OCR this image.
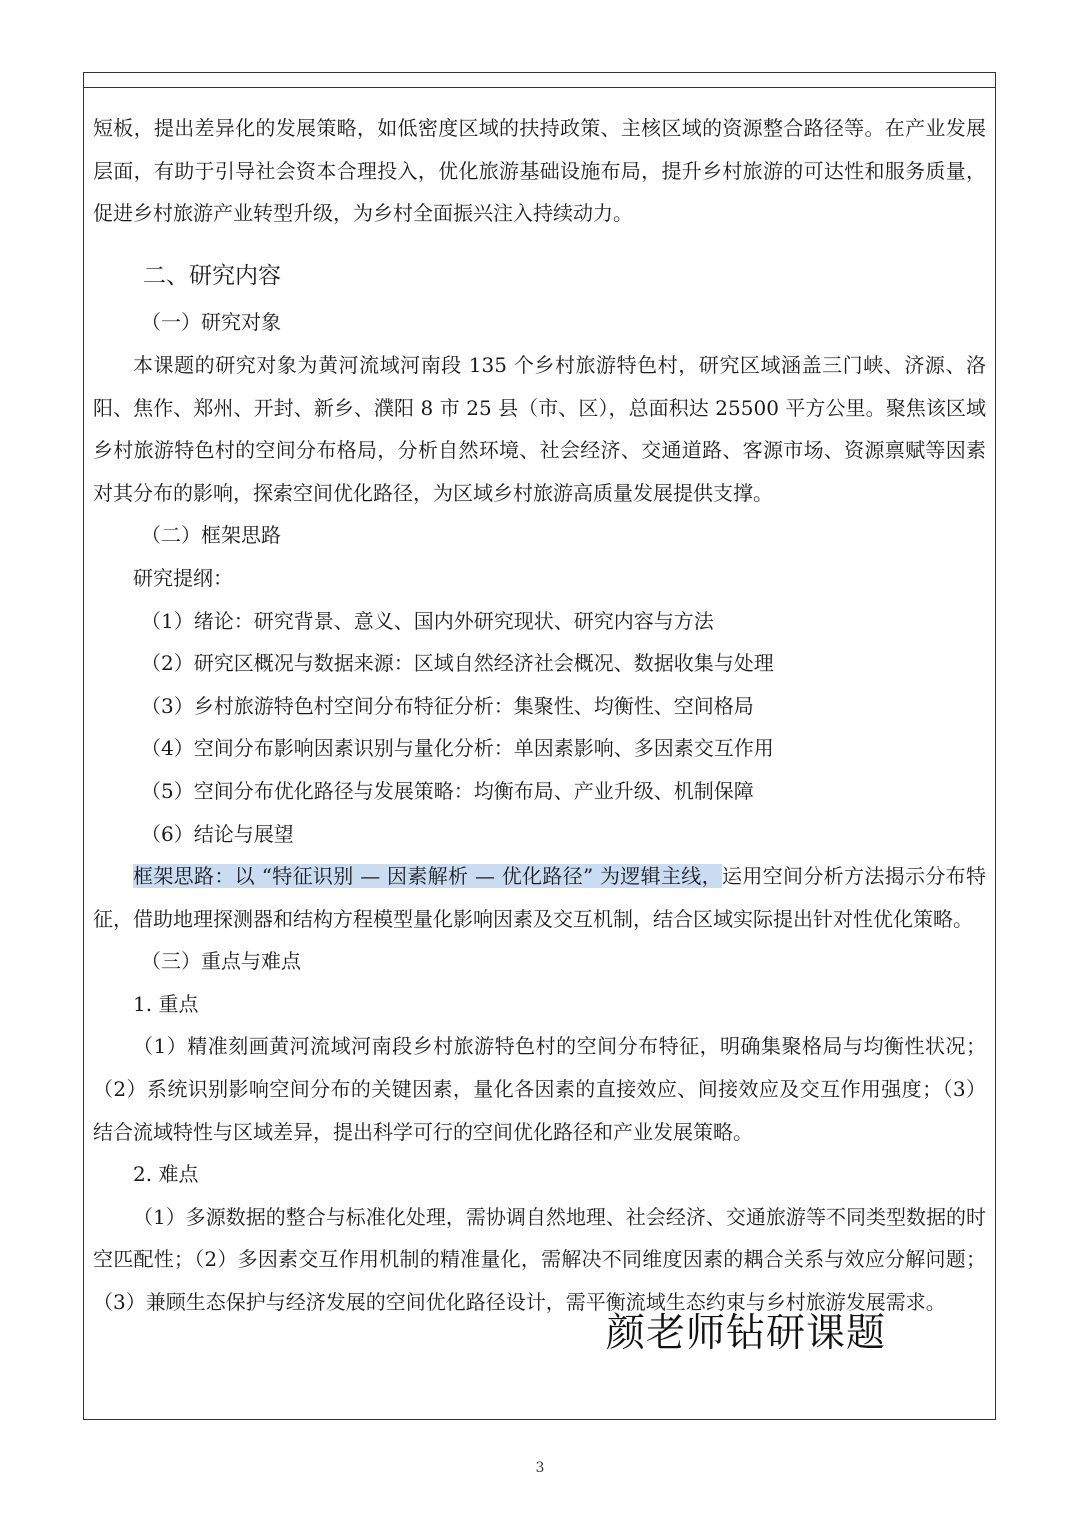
短板，提出差异化的发展策略，如低密度区域的扶持政策、主核区域的资源整合路径等。在产业发展层面，有助于引导社会资本合理投入，优化旅游基础设施布局，提升乡村旅游的可达性和服务质量，促进乡村旅游产业转型升级，为乡村全面振兴注入持续动力。

二、研究内容

（一）研究对象

本课题的研究对象为黄河流域河南段 135 个乡村旅游特色村，研究区域涵盖三门峡、济源、洛阳、焦作、郑州、开封、新乡、濮阳 8 市 25 县（市、区），总面积达 25500 平方公里。聚焦该区域乡村旅游特色村的空间分布格局，分析自然环境、社会经济、交通道路、客源市场、资源禀赋等因素对其分布的影响，探索空间优化路径，为区域乡村旅游高质量发展提供支撑。

（二）框架思路

研究提纲：

（1）绪论：研究背景、意义、国内外研究现状、研究内容与方法

（2）研究区概况与数据来源：区域自然经济社会概况、数据收集与处理

（3）乡村旅游特色村空间分布特征分析：集聚性、均衡性、空间格局

（4）空间分布影响因素识别与量化分析：单因素影响、多因素交互作用

（5）空间分布优化路径与发展策略：均衡布局、产业升级、机制保障

（6）结论与展望

框架思路：以 “特征识别 — 因素解析 — 优化路径” 为逻辑主线，运用空间分析方法揭示分布特征，借助地理探测器和结构方程模型量化影响因素及交互机制，结合区域实际提出针对性优化策略。

（三）重点与难点

1. 重点

（1）精准刻画黄河流域河南段乡村旅游特色村的空间分布特征，明确集聚格局与均衡性状况；（2）系统识别影响空间分布的关键因素，量化各因素的直接效应、间接效应及交互作用强度；（3）结合流域特性与区域差异，提出科学可行的空间优化路径和产业发展策略。

2. 难点

（1）多源数据的整合与标准化处理，需协调自然地理、社会经济、交通旅游等不同类型数据的时空匹配性；（2）多因素交互作用机制的精准量化，需解决不同维度因素的耦合关系与效应分解问题；（3）兼顾生态保护与经济发展的空间优化路径设计，需平衡流域生态约束与乡村旅游发展需求。

颜老师钻研课题
3
